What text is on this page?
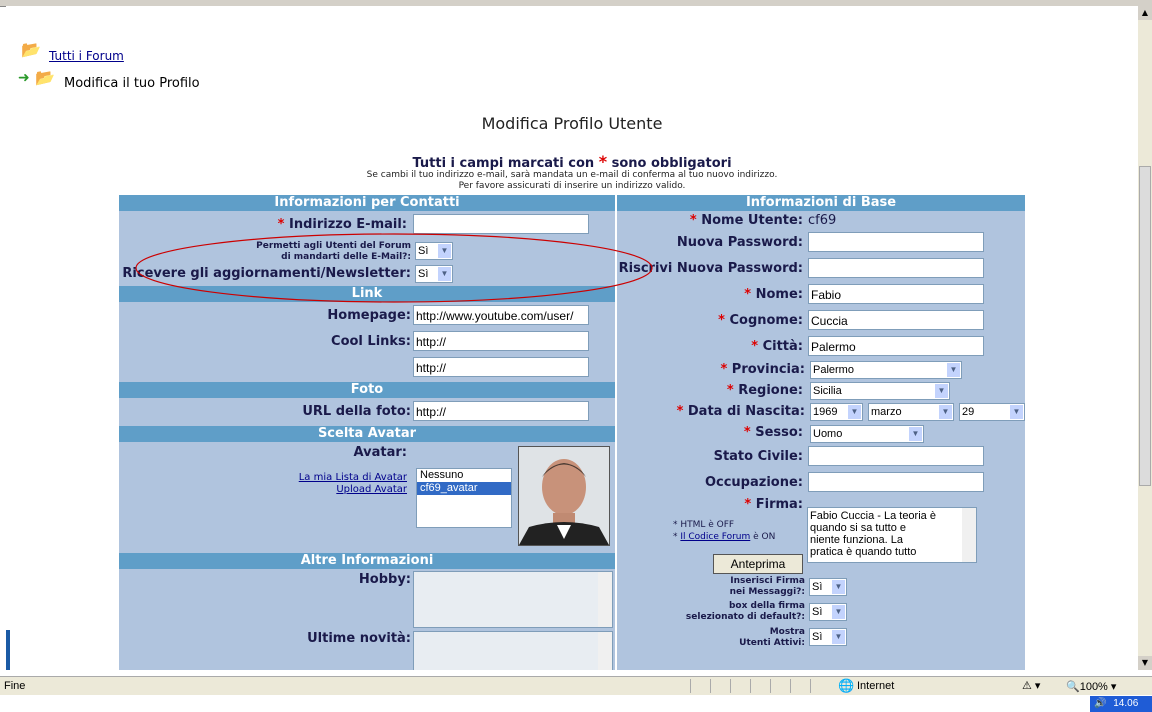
📂 Tutti i Forum
➜ 📂 Modifica il tuo Profilo
Modifica Profilo Utente
Tutti i campi marcati con * sono obbligatori
Se cambi il tuo indirizzo e-mail, sarà mandata un e-mail di conferma al tuo nuovo indirizzo.
Per favore assicurati di inserire un indirizzo valido.
Informazioni per Contatti
* Indirizzo E-mail:
Permetti agli Utenti del Forum
di mandarti delle E-Mail?: Sì	▼
Ricevere gli aggiornamenti/Newsletter: Sì	▼
Link
Homepage: http://www.youtube.com/user/
Cool Links: http://
http://
Foto
URL della foto: http://
Scelta Avatar
Avatar:
La mia Lista di Avatar
Upload Avatar
Nessuno
cf69_avatar
Altre Informazioni
Hobby:
Ultime novità:
Informazioni di Base
* Nome Utente: cf69
Nuova Password:
Riscrivi Nuova Password:
* Nome: Fabio
* Cognome: Cuccia
* Città: Palermo
* Provincia: Palermo	▼
* Regione: Sicilia	▼
* Data di Nascita: 1969	▼ marzo	▼ 29	▼
* Sesso: Uomo	▼
Stato Civile:
Occupazione:
* Firma:
* HTML è OFF
* Il Codice Forum è ON
Fabio Cuccia - La teoria è
quando si sa tutto e
niente funziona. La
pratica è quando tutto
Anteprima
Inserisci Firma
nei Messaggi?: Sì	▼
box della firma
selezionato di default?: Sì	▼
Mostra
Utenti Attivi: Sì	▼
▲
▼
Fine	🌐 Internet	⚠ ▾ 🔍100% ▾
🔊 14.06
